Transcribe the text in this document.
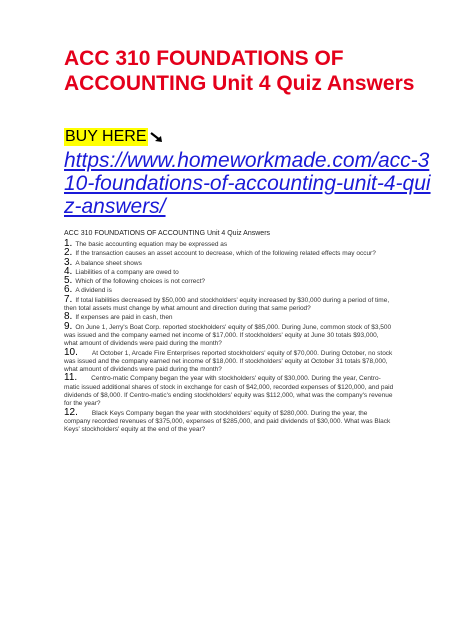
ACC 310 FOUNDATIONS OF ACCOUNTING Unit 4 Quiz Answers
BUY HERE
https://www.homeworkmade.com/acc-310-foundations-of-accounting-unit-4-quiz-answers/

ACC 310 FOUNDATIONS OF ACCOUNTING Unit 4 Quiz Answers

1. The basic accounting equation may be expressed as
2. If the transaction causes an asset account to decrease, which of the following related effects may occur?
3. A balance sheet shows
4. Liabilities of a company are owed to
5. Which of the following choices is not correct?
6. A dividend is
7. If total liabilities decreased by $50,000 and stockholders' equity increased by $30,000 during a period of time, then total assets must change by what amount and direction during that same period?
8. If expenses are paid in cash, then
9. On June 1, Jerry's Boat Corp. reported stockholders' equity of $85,000. During June, common stock of $3,500 was issued and the company earned net income of $17,000. If stockholders' equity at June 30 totals $93,000, what amount of dividends were paid during the month?
10. At October 1, Arcade Fire Enterprises reported stockholders' equity of $70,000. During October, no stock was issued and the company earned net income of $18,000. If stockholders' equity at October 31 totals $78,000, what amount of dividends were paid during the month?
11. Centro-matic Company began the year with stockholders' equity of $30,000. During the year, Centro-matic issued additional shares of stock in exchange for cash of $42,000, recorded expenses of $120,000, and paid dividends of $8,000. If Centro-matic's ending stockholders' equity was $112,000, what was the company's revenue for the year?
12. Black Keys Company began the year with stockholders' equity of $280,000. During the year, the company recorded revenues of $375,000, expenses of $285,000, and paid dividends of $30,000. What was Black Keys' stockholders' equity at the end of the year?
